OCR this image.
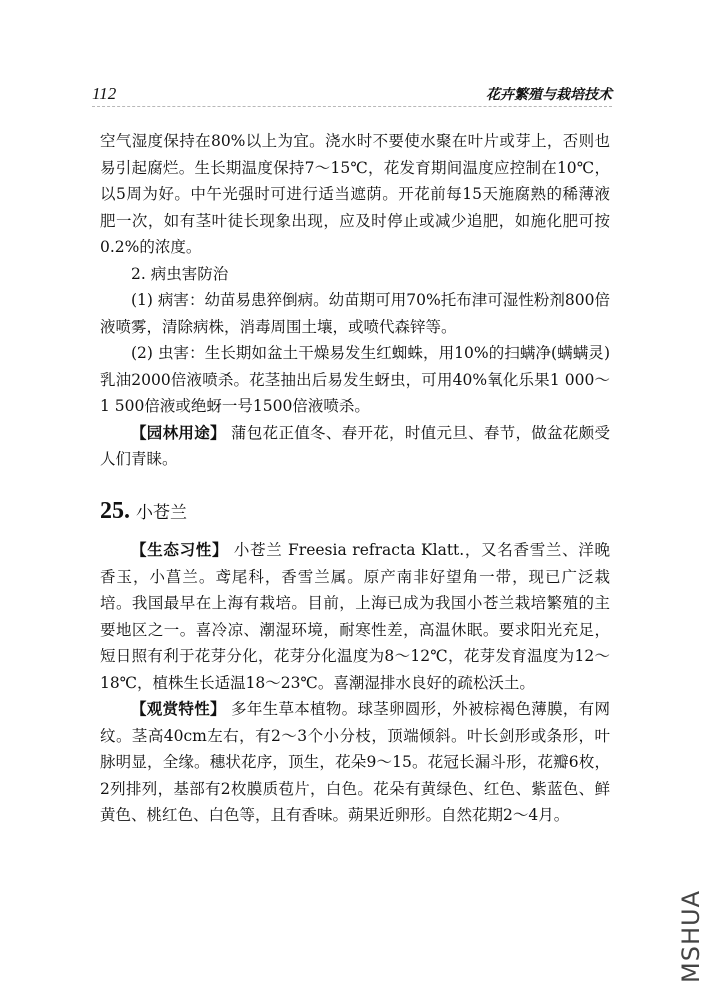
112	花卉繁殖与栽培技术

空气湿度保持在80%以上为宜。浇水时不要使水聚在叶片或芽上，否则也易引起腐烂。生长期温度保持7～15℃，花发育期间温度应控制在10℃，以5周为好。中午光强时可进行适当遮荫。开花前每15天施腐熟的稀薄液肥一次，如有茎叶徒长现象出现，应及时停止或减少追肥，如施化肥可按0.2%的浓度。

2. 病虫害防治

(1) 病害：幼苗易患猝倒病。幼苗期可用70%托布津可湿性粉剂800倍液喷雾，清除病株，消毒周围土壤，或喷代森锌等。

(2) 虫害：生长期如盆土干燥易发生红蜘蛛，用10%的扫螨净(螨螨灵)乳油2000倍液喷杀。花茎抽出后易发生蚜虫，可用40%氧化乐果1 000～1 500倍液或绝蚜一号1500倍液喷杀。

【园林用途】 蒲包花正值冬、春开花，时值元旦、春节，做盆花颇受人们青睐。

25. 小苍兰

【生态习性】 小苍兰 Freesia refracta Klatt.，又名香雪兰、洋晚香玉，小菖兰。鸢尾科，香雪兰属。原产南非好望角一带，现已广泛栽培。我国最早在上海有栽培。目前，上海已成为我国小苍兰栽培繁殖的主要地区之一。喜冷凉、潮湿环境，耐寒性差，高温休眠。要求阳光充足，短日照有利于花芽分化，花芽分化温度为8～12℃，花芽发育温度为12～18℃，植株生长适温18～23℃。喜潮湿排水良好的疏松沃土。

【观赏特性】 多年生草本植物。球茎卵圆形，外被棕褐色薄膜，有网纹。茎高40cm左右，有2～3个小分枝，顶端倾斜。叶长剑形或条形，叶脉明显，全缘。穗状花序，顶生，花朵9～15。花冠长漏斗形，花瓣6枚，2列排列，基部有2枚膜质苞片，白色。花朵有黄绿色、红色、紫蓝色、鲜黄色、桃红色、白色等，且有香味。蒴果近卵形。自然花期2～4月。

MSHUA
